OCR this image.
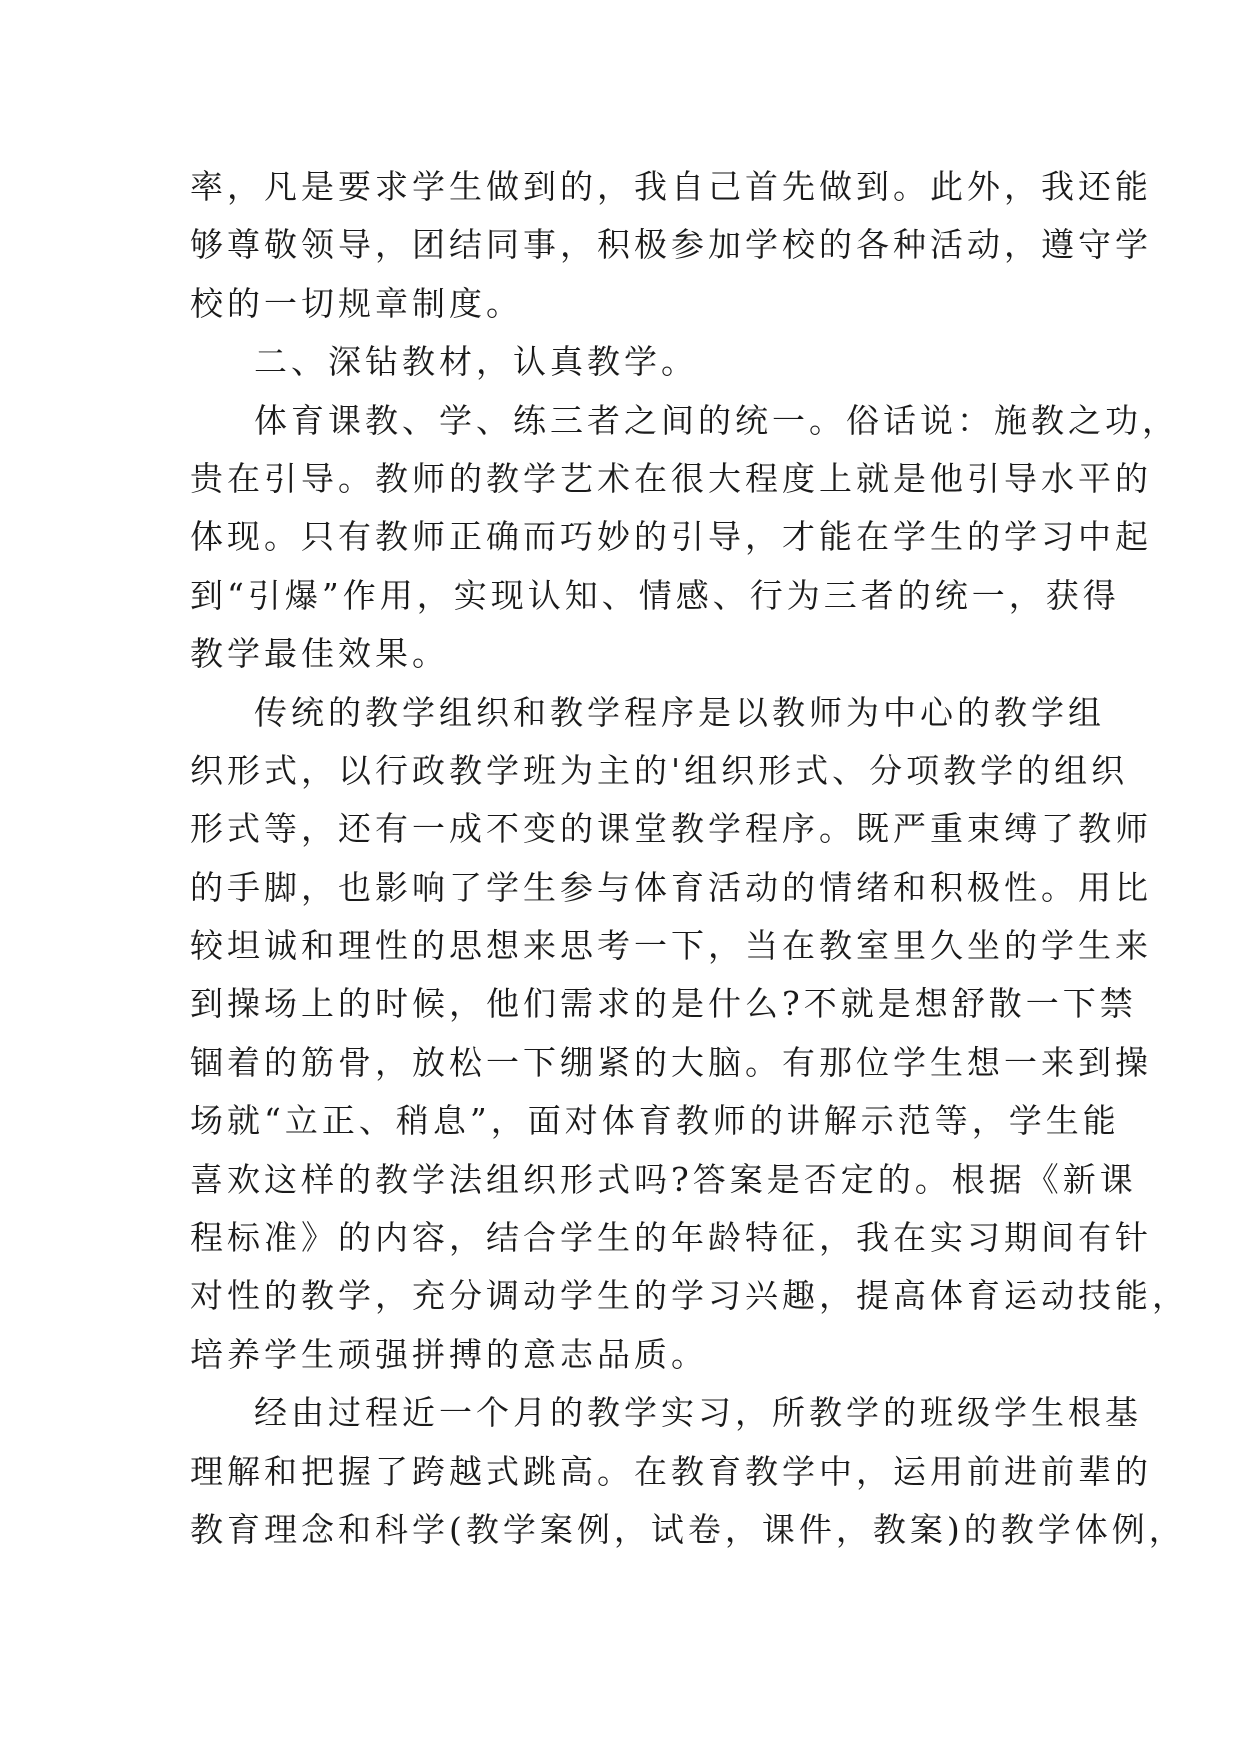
率，凡是要求学生做到的，我自己首先做到。此外，我还能
够尊敬领导，团结同事，积极参加学校的各种活动，遵守学
校的一切规章制度。
二、深钻教材，认真教学。
体育课教、学、练三者之间的统一。俗话说：施教之功，
贵在引导。教师的教学艺术在很大程度上就是他引导水平的
体现。只有教师正确而巧妙的引导，才能在学生的学习中起
到“引爆”作用，实现认知、情感、行为三者的统一，获得
教学最佳效果。
传统的教学组织和教学程序是以教师为中心的教学组
织形式，以行政教学班为主的'组织形式、分项教学的组织
形式等，还有一成不变的课堂教学程序。既严重束缚了教师
的手脚，也影响了学生参与体育活动的情绪和积极性。用比
较坦诚和理性的思想来思考一下，当在教室里久坐的学生来
到操场上的时候，他们需求的是什么?不就是想舒散一下禁
锢着的筋骨，放松一下绷紧的大脑。有那位学生想一来到操
场就“立正、稍息”，面对体育教师的讲解示范等，学生能
喜欢这样的教学法组织形式吗?答案是否定的。根据《新课
程标准》的内容，结合学生的年龄特征，我在实习期间有针
对性的教学，充分调动学生的学习兴趣，提高体育运动技能，
培养学生顽强拼搏的意志品质。
经由过程近一个月的教学实习，所教学的班级学生根基
理解和把握了跨越式跳高。在教育教学中，运用前进前辈的
教育理念和科学(教学案例，试卷，课件，教案)的教学体例，
